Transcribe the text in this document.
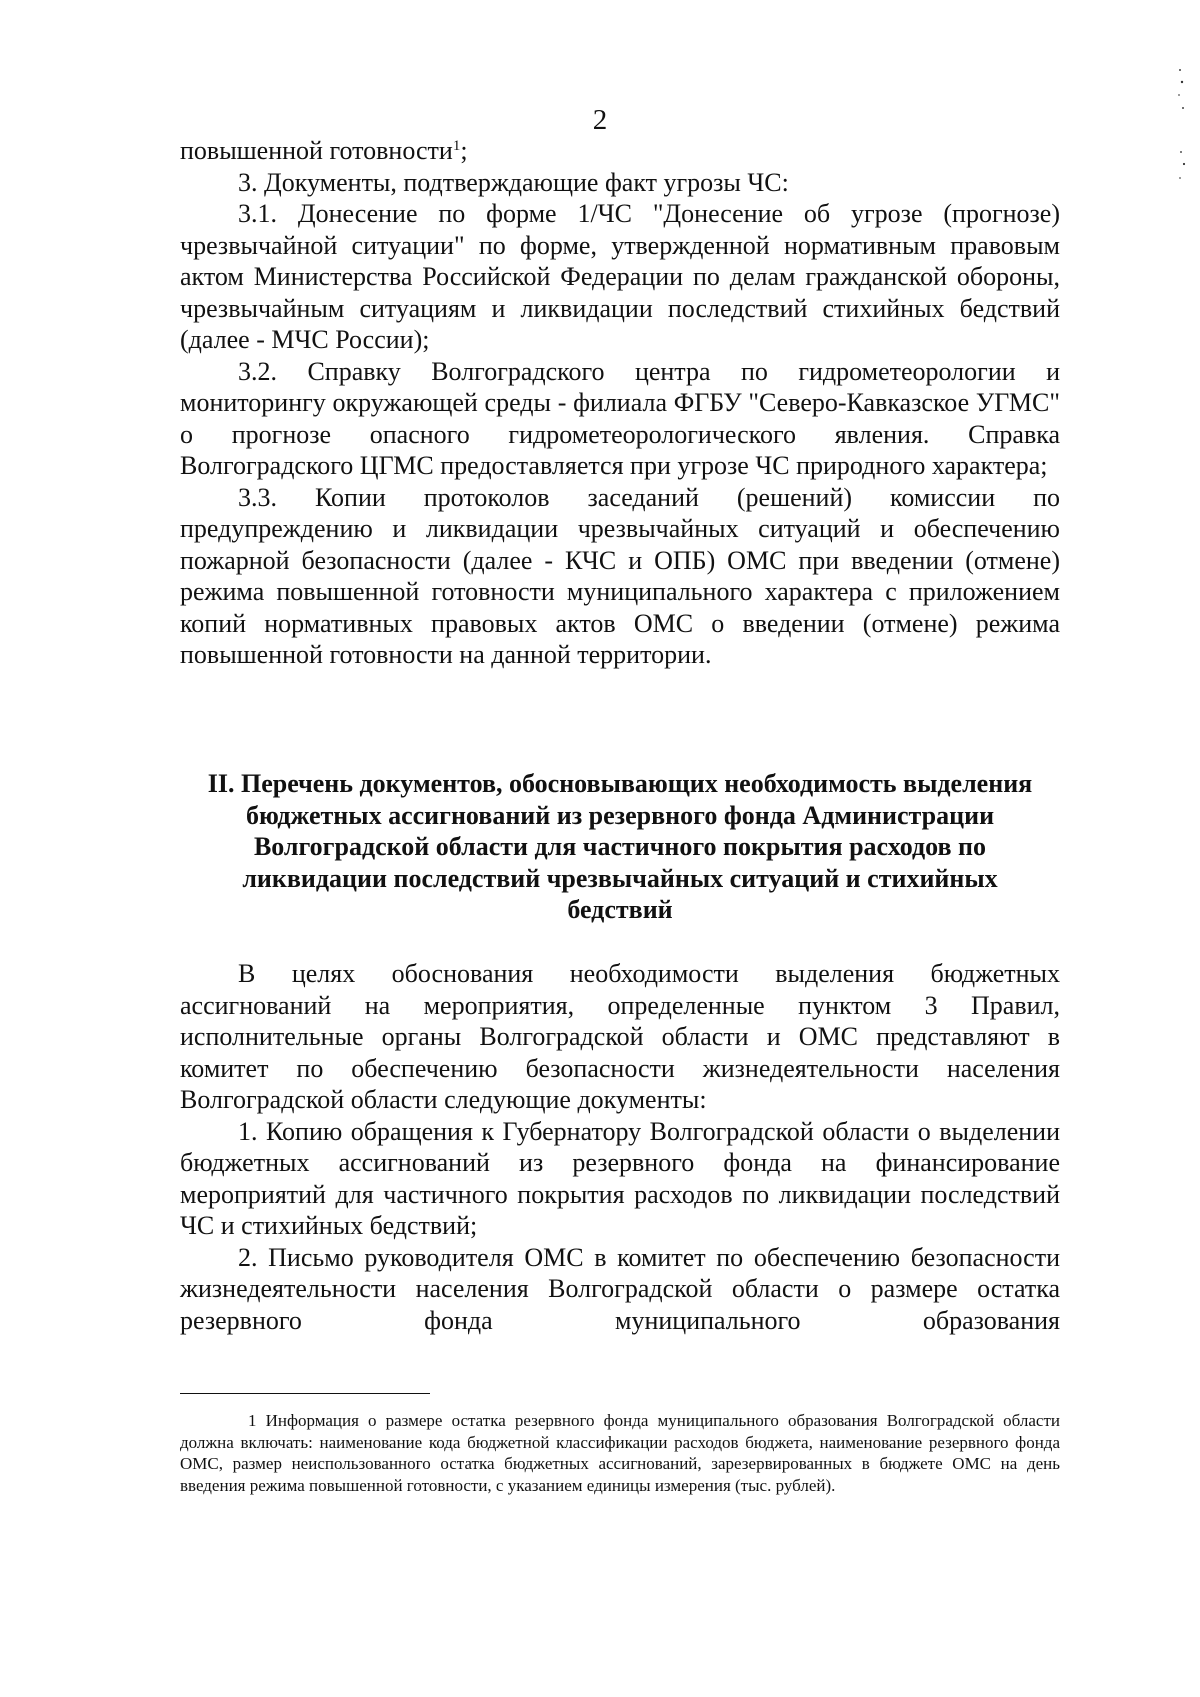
2

повышенной готовности$^1$;

3. Документы, подтверждающие факт угрозы ЧС:

3.1. Донесение по форме 1/ЧС "Донесение об угрозе (прогнозе) чрезвычайной ситуации" по форме, утвержденной нормативным правовым актом Министерства Российской Федерации по делам гражданской обороны, чрезвычайным ситуациям и ликвидации последствий стихийных бедствий (далее - МЧС России);

3.2. Справку Волгоградского центра по гидрометеорологии и мониторингу окружающей среды - филиала ФГБУ "Северо-Кавказское УГМС" о прогнозе опасного гидрометеорологического явления. Справка Волгоградского ЦГМС предоставляется при угрозе ЧС природного характера;

3.3. Копии протоколов заседаний (решений) комиссии по предупреждению и ликвидации чрезвычайных ситуаций и обеспечению пожарной безопасности (далее - КЧС и ОПБ) ОМС при введении (отмене) режима повышенной готовности муниципального характера с приложением копий нормативных правовых актов ОМС о введении (отмене) режима повышенной готовности на данной территории.

II. Перечень документов, обосновывающих необходимость выделения бюджетных ассигнований из резервного фонда Администрации Волгоградской области для частичного покрытия расходов по ликвидации последствий чрезвычайных ситуаций и стихийных бедствий

В целях обоснования необходимости выделения бюджетных ассигнований на мероприятия, определенные пунктом 3 Правил, исполнительные органы Волгоградской области и ОМС представляют в комитет по обеспечению безопасности жизнедеятельности населения Волгоградской области следующие документы:

1. Копию обращения к Губернатору Волгоградской области о выделении бюджетных ассигнований из резервного фонда на финансирование мероприятий для частичного покрытия расходов по ликвидации последствий ЧС и стихийных бедствий;

2. Письмо руководителя ОМС в комитет по обеспечению безопасности жизнедеятельности населения Волгоградской области о размере остатка резервного фонда муниципального образования

1 Информация о размере остатка резервного фонда муниципального образования Волгоградской области должна включать: наименование кода бюджетной классификации расходов бюджета, наименование резервного фонда ОМС, размер неиспользованного остатка бюджетных ассигнований, зарезервированных в бюджете ОМС на день введения режима повышенной готовности, с указанием единицы измерения (тыс. рублей).
